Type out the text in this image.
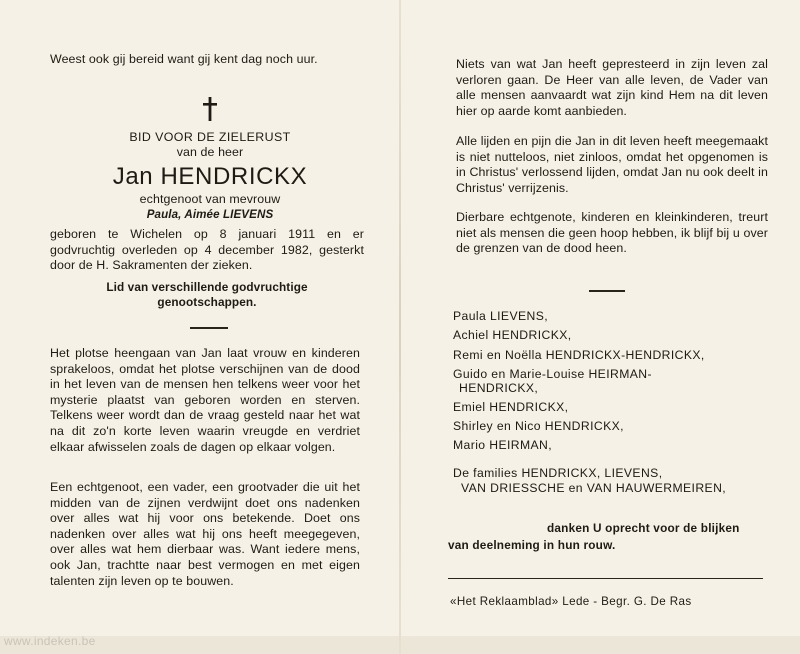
Weest ook gij bereid want gij kent dag noch uur.
BID VOOR DE ZIELERUST
van de heer
Jan HENDRICKX
echtgenoot van mevrouw
Paula, Aimée LIEVENS
geboren te Wichelen op 8 januari 1911 en er godvruchtig overleden op 4 december 1982, gesterkt door de H. Sakramenten der zieken.
Lid van verschillende godvruchtige
genootschappen.
Het plotse heengaan van Jan laat vrouw en kinderen sprakeloos, omdat het plotse verschijnen van de dood in het leven van de mensen hen telkens weer voor het mysterie plaatst van geboren worden en sterven. Telkens weer wordt dan de vraag gesteld naar het wat na dit zo'n korte leven waarin vreugde en verdriet elkaar afwisselen zoals de dagen op elkaar volgen.
Een echtgenoot, een vader, een grootvader die uit het midden van de zijnen verdwijnt doet ons nadenken over alles wat hij voor ons betekende. Doet ons nadenken over alles wat hij ons heeft meegegeven, over alles wat hem dierbaar was. Want iedere mens, ook Jan, trachtte naar best vermogen en met eigen talenten zijn leven op te bouwen.
Niets van wat Jan heeft gepresteerd in zijn leven zal verloren gaan. De Heer van alle leven, de Vader van alle mensen aanvaardt wat zijn kind Hem na dit leven hier op aarde komt aanbieden.
Alle lijden en pijn die Jan in dit leven heeft meegemaakt is niet nutteloos, niet zinloos, omdat het opgenomen is in Christus' verlossend lijden, omdat Jan nu ook deelt in Christus' verrijzenis.
Dierbare echtgenote, kinderen en kleinkinderen, treurt niet als mensen die geen hoop hebben, ik blijf bij u over de grenzen van de dood heen.
Paula LIEVENS,
Achiel HENDRICKX,
Remi en Noëlla HENDRICKX-HENDRICKX,
Guido en Marie-Louise HEIRMAN-
HENDRICKX,
Emiel HENDRICKX,
Shirley en Nico HENDRICKX,
Mario HEIRMAN,
De families HENDRICKX, LIEVENS,
VAN DRIESSCHE en VAN HAUWERMEIREN,
danken U oprecht voor de blijken
van deelneming in hun rouw.
«Het Reklaamblad» Lede - Begr. G. De Ras
www.indeken.be
